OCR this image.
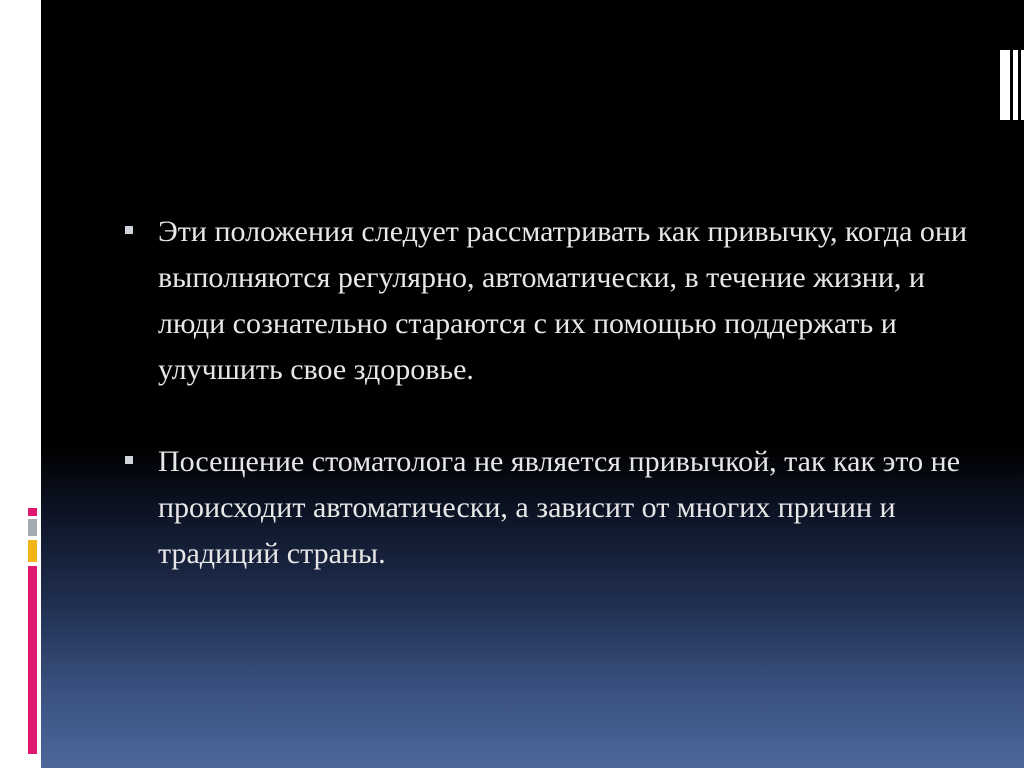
Эти положения следует рассматривать как привычку, когда они выполняются регулярно, автоматически, в течение жизни, и люди сознательно стараются с их помощью поддержать и улучшить свое здоровье.
Посещение стоматолога не является привычкой, так как это не происходит автоматически, а зависит от многих причин и традиций страны.
